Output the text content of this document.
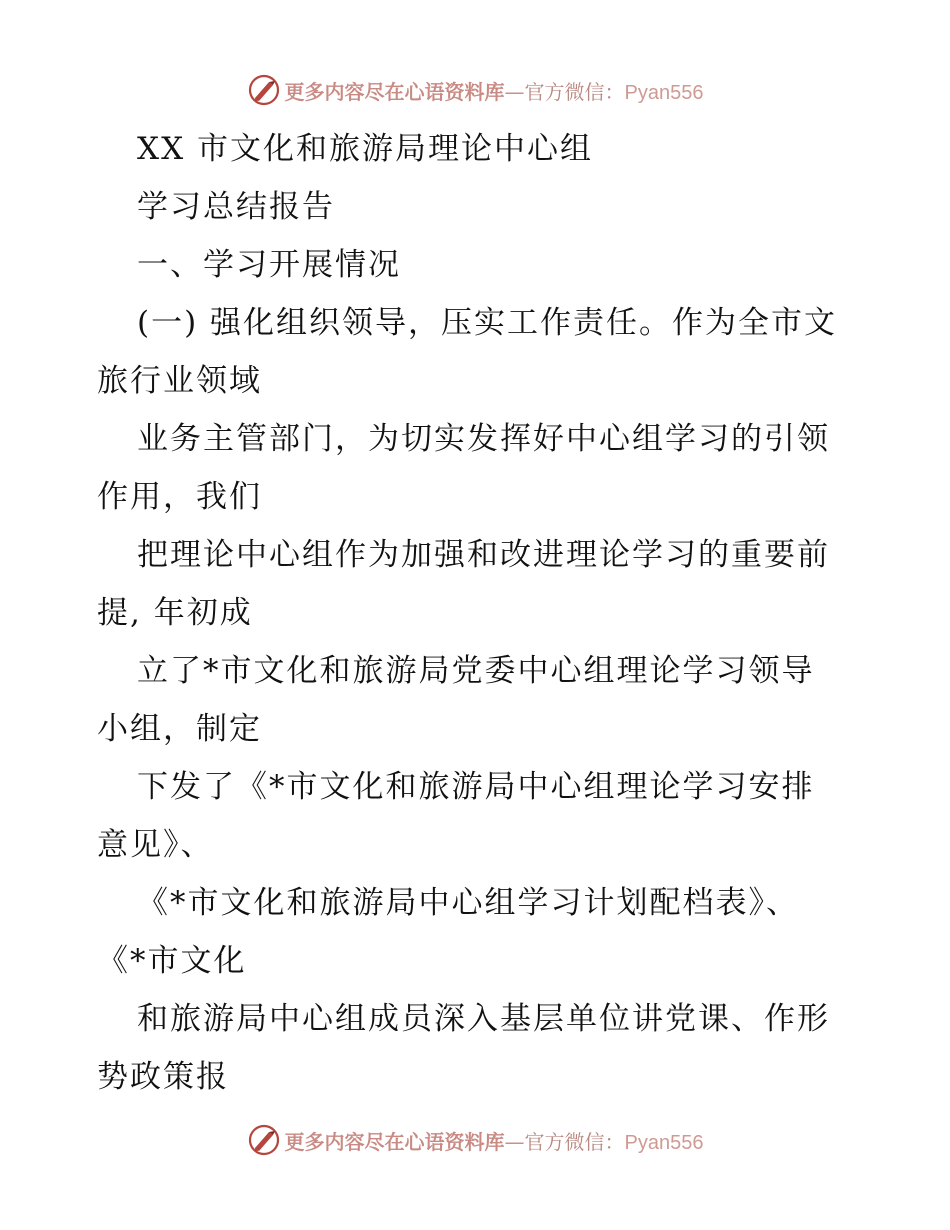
更多内容尽在心语资料库—官方微信：Pyan556
XX 市文化和旅游局理论中心组
学习总结报告
一、学习开展情况
(一) 强化组织领导，压实工作责任。作为全市文
旅行业领域
业务主管部门，为切实发挥好中心组学习的引领
作用，我们
把理论中心组作为加强和改进理论学习的重要前
提, 年初成
立了*市文化和旅游局党委中心组理论学习领导
小组，制定
下发了《*市文化和旅游局中心组理论学习安排
意见》、
《*市文化和旅游局中心组学习计划配档表》、
《*市文化
和旅游局中心组成员深入基层单位讲党课、作形
势政策报
更多内容尽在心语资料库—官方微信：Pyan556
